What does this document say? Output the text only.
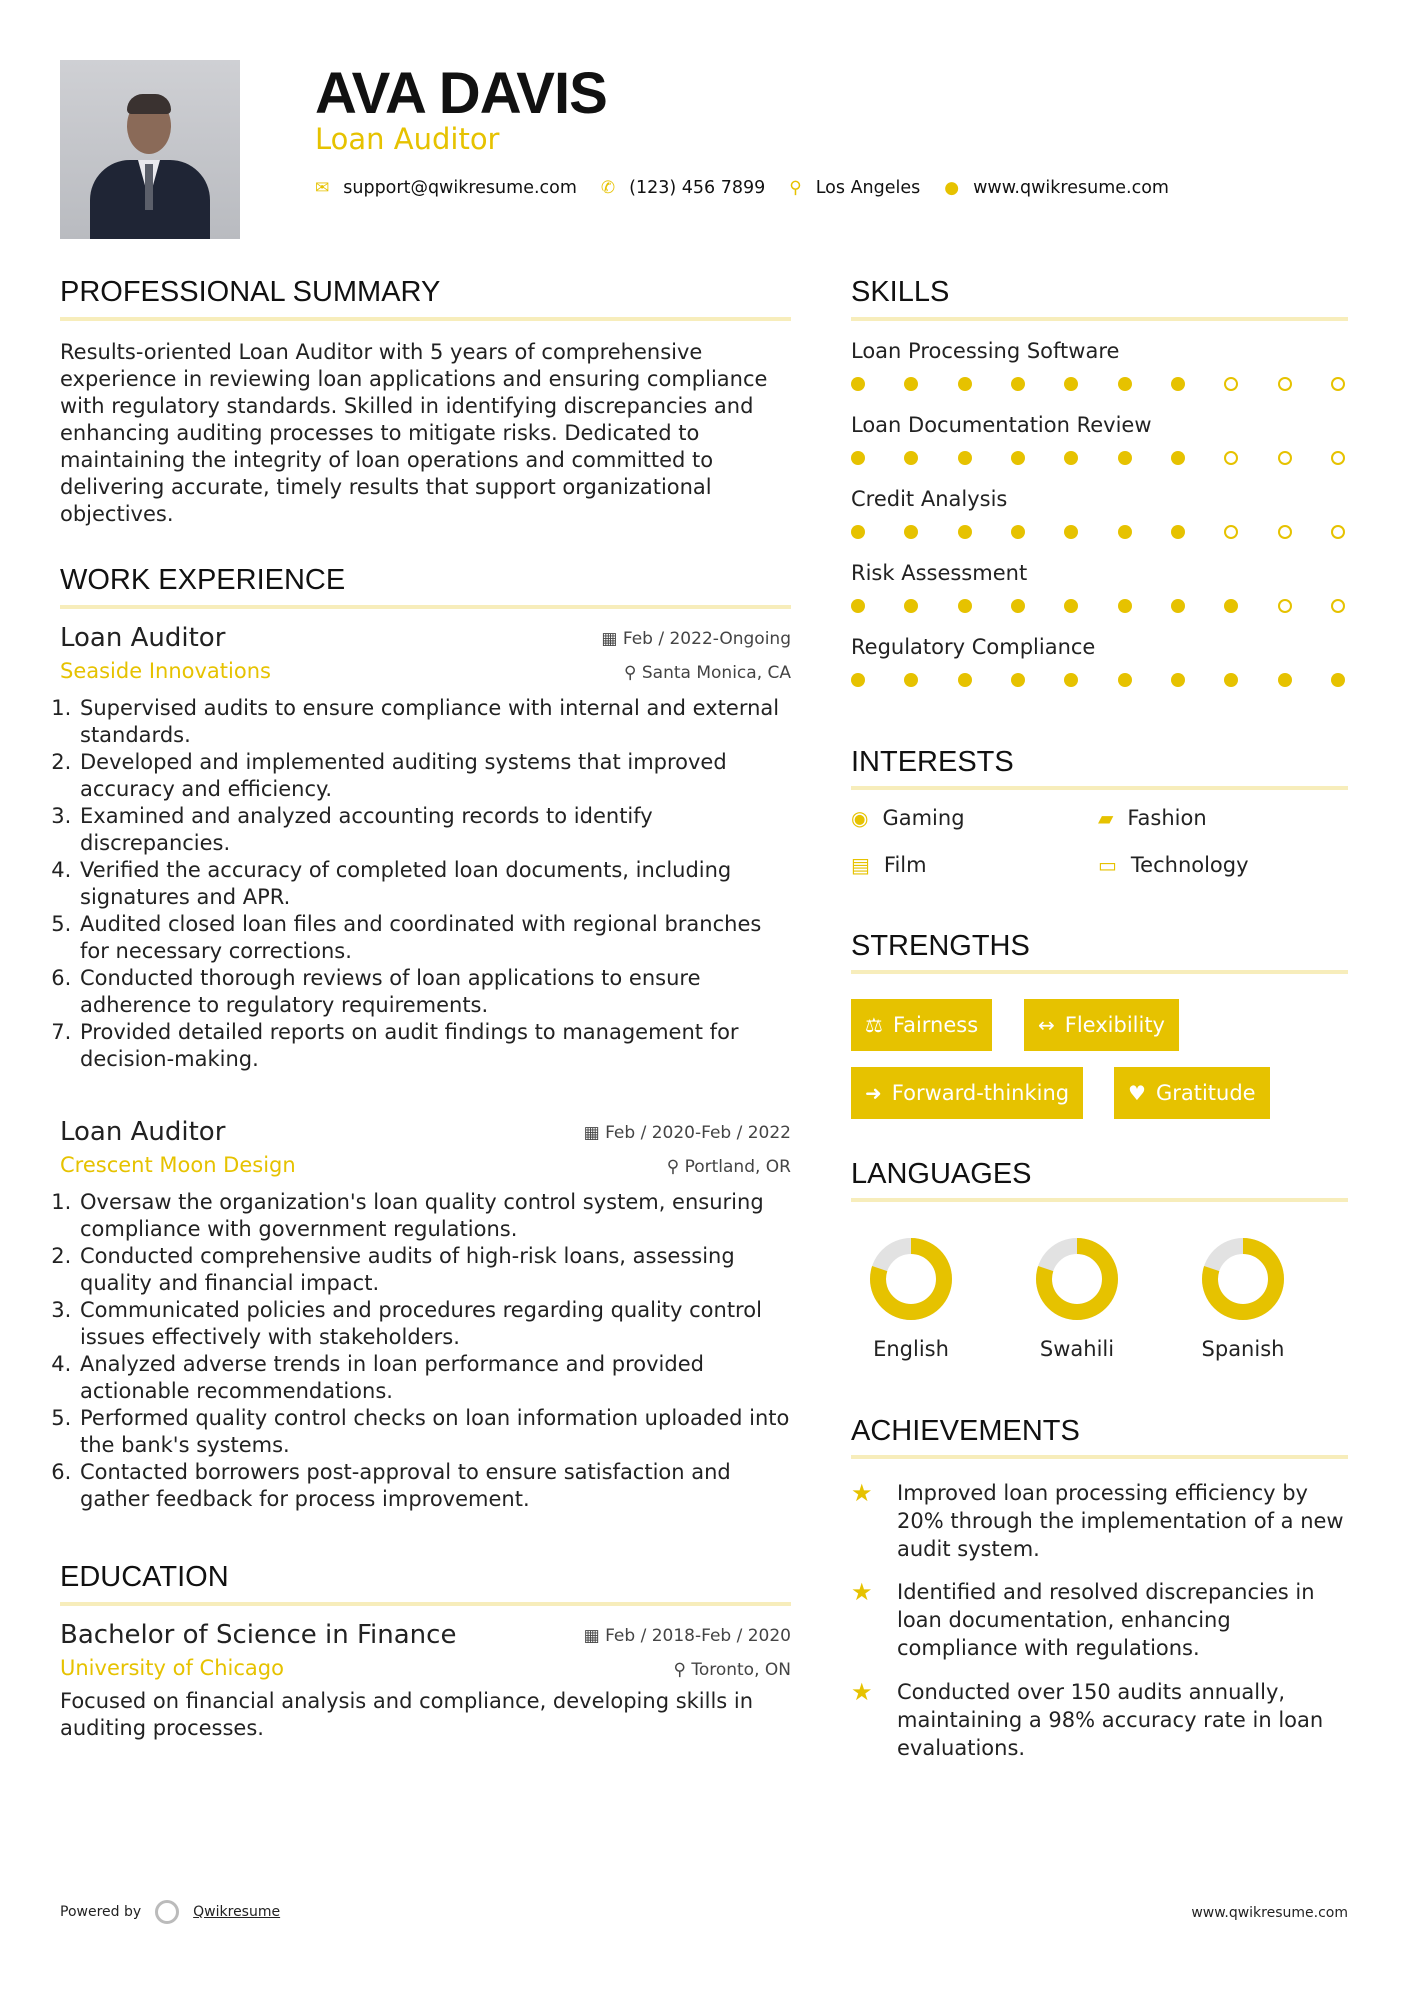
AVA DAVIS
Loan Auditor
✉ support@qwikresume.com ✆ (123) 456 7899 ⚲ Los Angeles ● www.qwikresume.com
PROFESSIONAL SUMMARY
Results-oriented Loan Auditor with 5 years of comprehensive experience in reviewing loan applications and ensuring compliance with regulatory standards. Skilled in identifying discrepancies and enhancing auditing processes to mitigate risks. Dedicated to maintaining the integrity of loan operations and committed to delivering accurate, timely results that support organizational objectives.
WORK EXPERIENCE
Loan Auditor	▦ Feb / 2022-Ongoing
Seaside Innovations	⚲ Santa Monica, CA
1. Supervised audits to ensure compliance with internal and external standards.
2. Developed and implemented auditing systems that improved accuracy and efficiency.
3. Examined and analyzed accounting records to identify discrepancies.
4. Verified the accuracy of completed loan documents, including signatures and APR.
5. Audited closed loan files and coordinated with regional branches for necessary corrections.
6. Conducted thorough reviews of loan applications to ensure adherence to regulatory requirements.
7. Provided detailed reports on audit findings to management for decision-making.
Loan Auditor	▦ Feb / 2020-Feb / 2022
Crescent Moon Design	⚲ Portland, OR
1. Oversaw the organization's loan quality control system, ensuring compliance with government regulations.
2. Conducted comprehensive audits of high-risk loans, assessing quality and financial impact.
3. Communicated policies and procedures regarding quality control issues effectively with stakeholders.
4. Analyzed adverse trends in loan performance and provided actionable recommendations.
5. Performed quality control checks on loan information uploaded into the bank's systems.
6. Contacted borrowers post-approval to ensure satisfaction and gather feedback for process improvement.
EDUCATION
Bachelor of Science in Finance	▦ Feb / 2018-Feb / 2020
University of Chicago	⚲ Toronto, ON
Focused on financial analysis and compliance, developing skills in auditing processes.
SKILLS
Loan Processing Software
Loan Documentation Review
Credit Analysis
Risk Assessment
Regulatory Compliance
INTERESTS
◉ Gaming	▰ Fashion
▤ Film	▭ Technology
STRENGTHS
⚖ Fairness	↔ Flexibility
➜ Forward-thinking	♥ Gratitude
LANGUAGES
English	Swahili	Spanish
ACHIEVEMENTS
★	Improved loan processing efficiency by 20% through the implementation of a new audit system.
★	Identified and resolved discrepancies in loan documentation, enhancing compliance with regulations.
★	Conducted over 150 audits annually, maintaining a 98% accuracy rate in loan evaluations.
Powered by	Qwikresume	www.qwikresume.com
